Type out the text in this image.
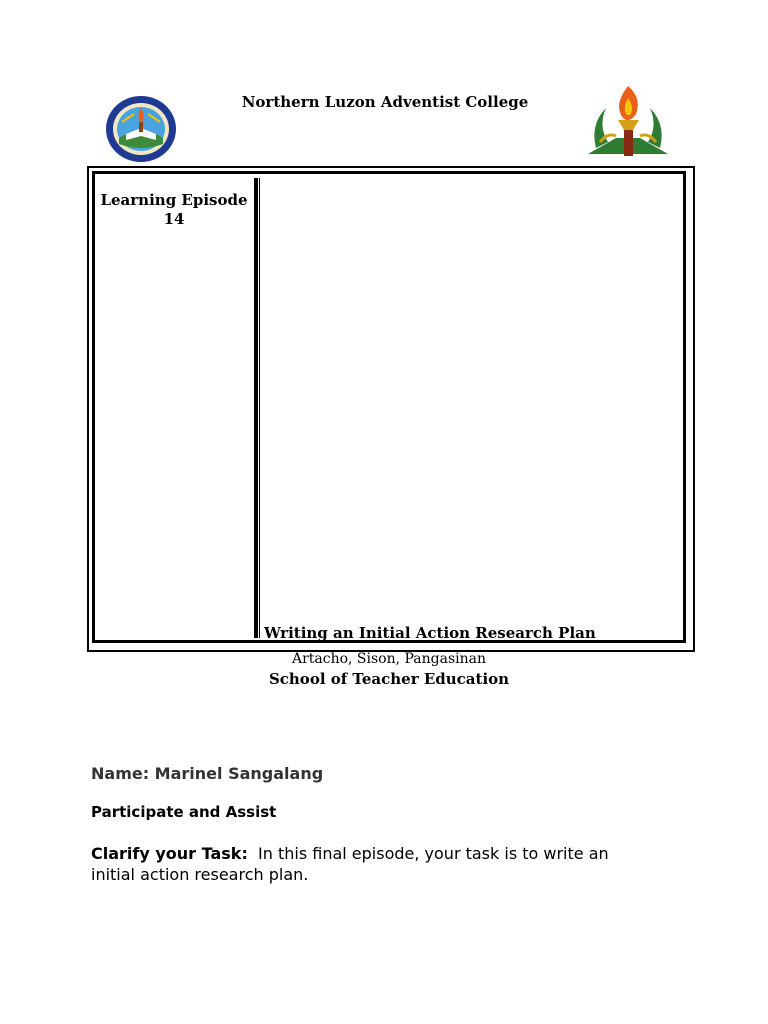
Northern Luzon Adventist College
Learning Episode
14
Writing an Initial Action Research Plan
Artacho, Sison, Pangasinan
School of Teacher Education
Name: Marinel Sangalang
Participate and Assist
Clarify your Task: In this final episode, your task is to write an initial action research plan.
